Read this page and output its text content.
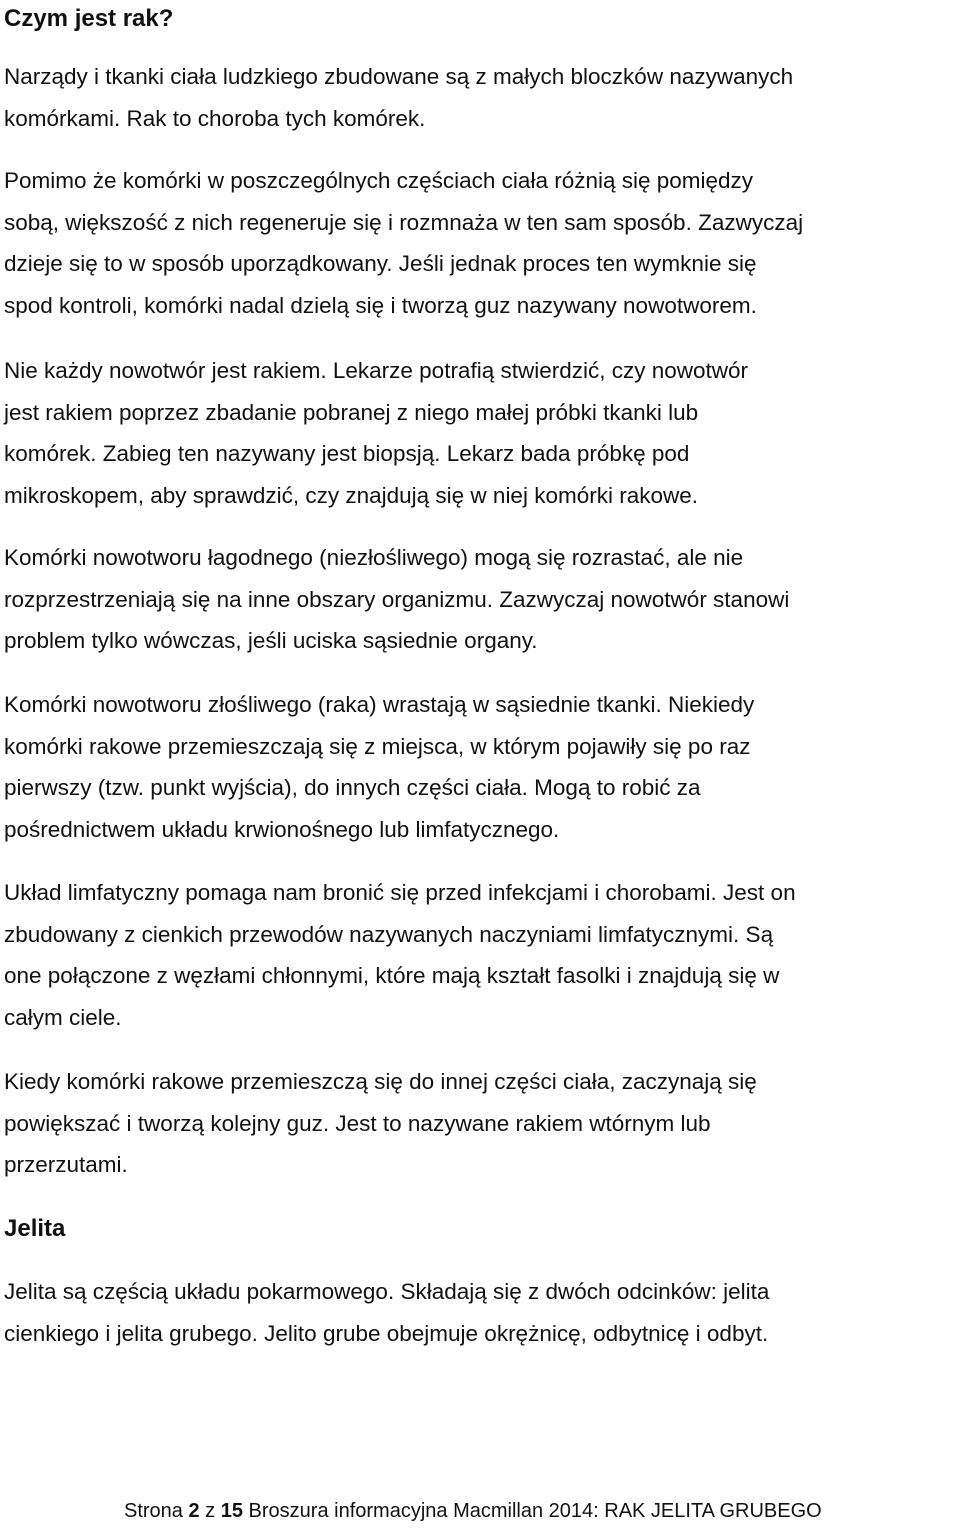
Czym jest rak?

Narządy i tkanki ciała ludzkiego zbudowane są z małych bloczków nazywanych
komórkami. Rak to choroba tych komórek.

Pomimo że komórki w poszczególnych częściach ciała różnią się pomiędzy
sobą, większość z nich regeneruje się i rozmnaża w ten sam sposób. Zazwyczaj
dzieje się to w sposób uporządkowany. Jeśli jednak proces ten wymknie się
spod kontroli, komórki nadal dzielą się i tworzą guz nazywany nowotworem.

Nie każdy nowotwór jest rakiem. Lekarze potrafią stwierdzić, czy nowotwór
jest rakiem poprzez zbadanie pobranej z niego małej próbki tkanki lub
komórek. Zabieg ten nazywany jest biopsją. Lekarz bada próbkę pod
mikroskopem, aby sprawdzić, czy znajdują się w niej komórki rakowe.

Komórki nowotworu łagodnego (niezłośliwego) mogą się rozrastać, ale nie
rozprzestrzeniają się na inne obszary organizmu. Zazwyczaj nowotwór stanowi
problem tylko wówczas, jeśli uciska sąsiednie organy.

Komórki nowotworu złośliwego (raka) wrastają w sąsiednie tkanki. Niekiedy
komórki rakowe przemieszczają się z miejsca, w którym pojawiły się po raz
pierwszy (tzw. punkt wyjścia), do innych części ciała. Mogą to robić za
pośrednictwem układu krwionośnego lub limfatycznego.

Układ limfatyczny pomaga nam bronić się przed infekcjami i chorobami. Jest on
zbudowany z cienkich przewodów nazywanych naczyniami limfatycznymi. Są
one połączone z węzłami chłonnymi, które mają kształt fasolki i znajdują się w
całym ciele.

Kiedy komórki rakowe przemieszczą się do innej części ciała, zaczynają się
powiększać i tworzą kolejny guz. Jest to nazywane rakiem wtórnym lub
przerzutami.

Jelita

Jelita są częścią układu pokarmowego. Składają się z dwóch odcinków: jelita
cienkiego i jelita grubego. Jelito grube obejmuje okrężnicę, odbytnicę i odbyt.

Strona 2 z 15 Broszura informacyjna Macmillan 2014: RAK JELITA GRUBEGO
